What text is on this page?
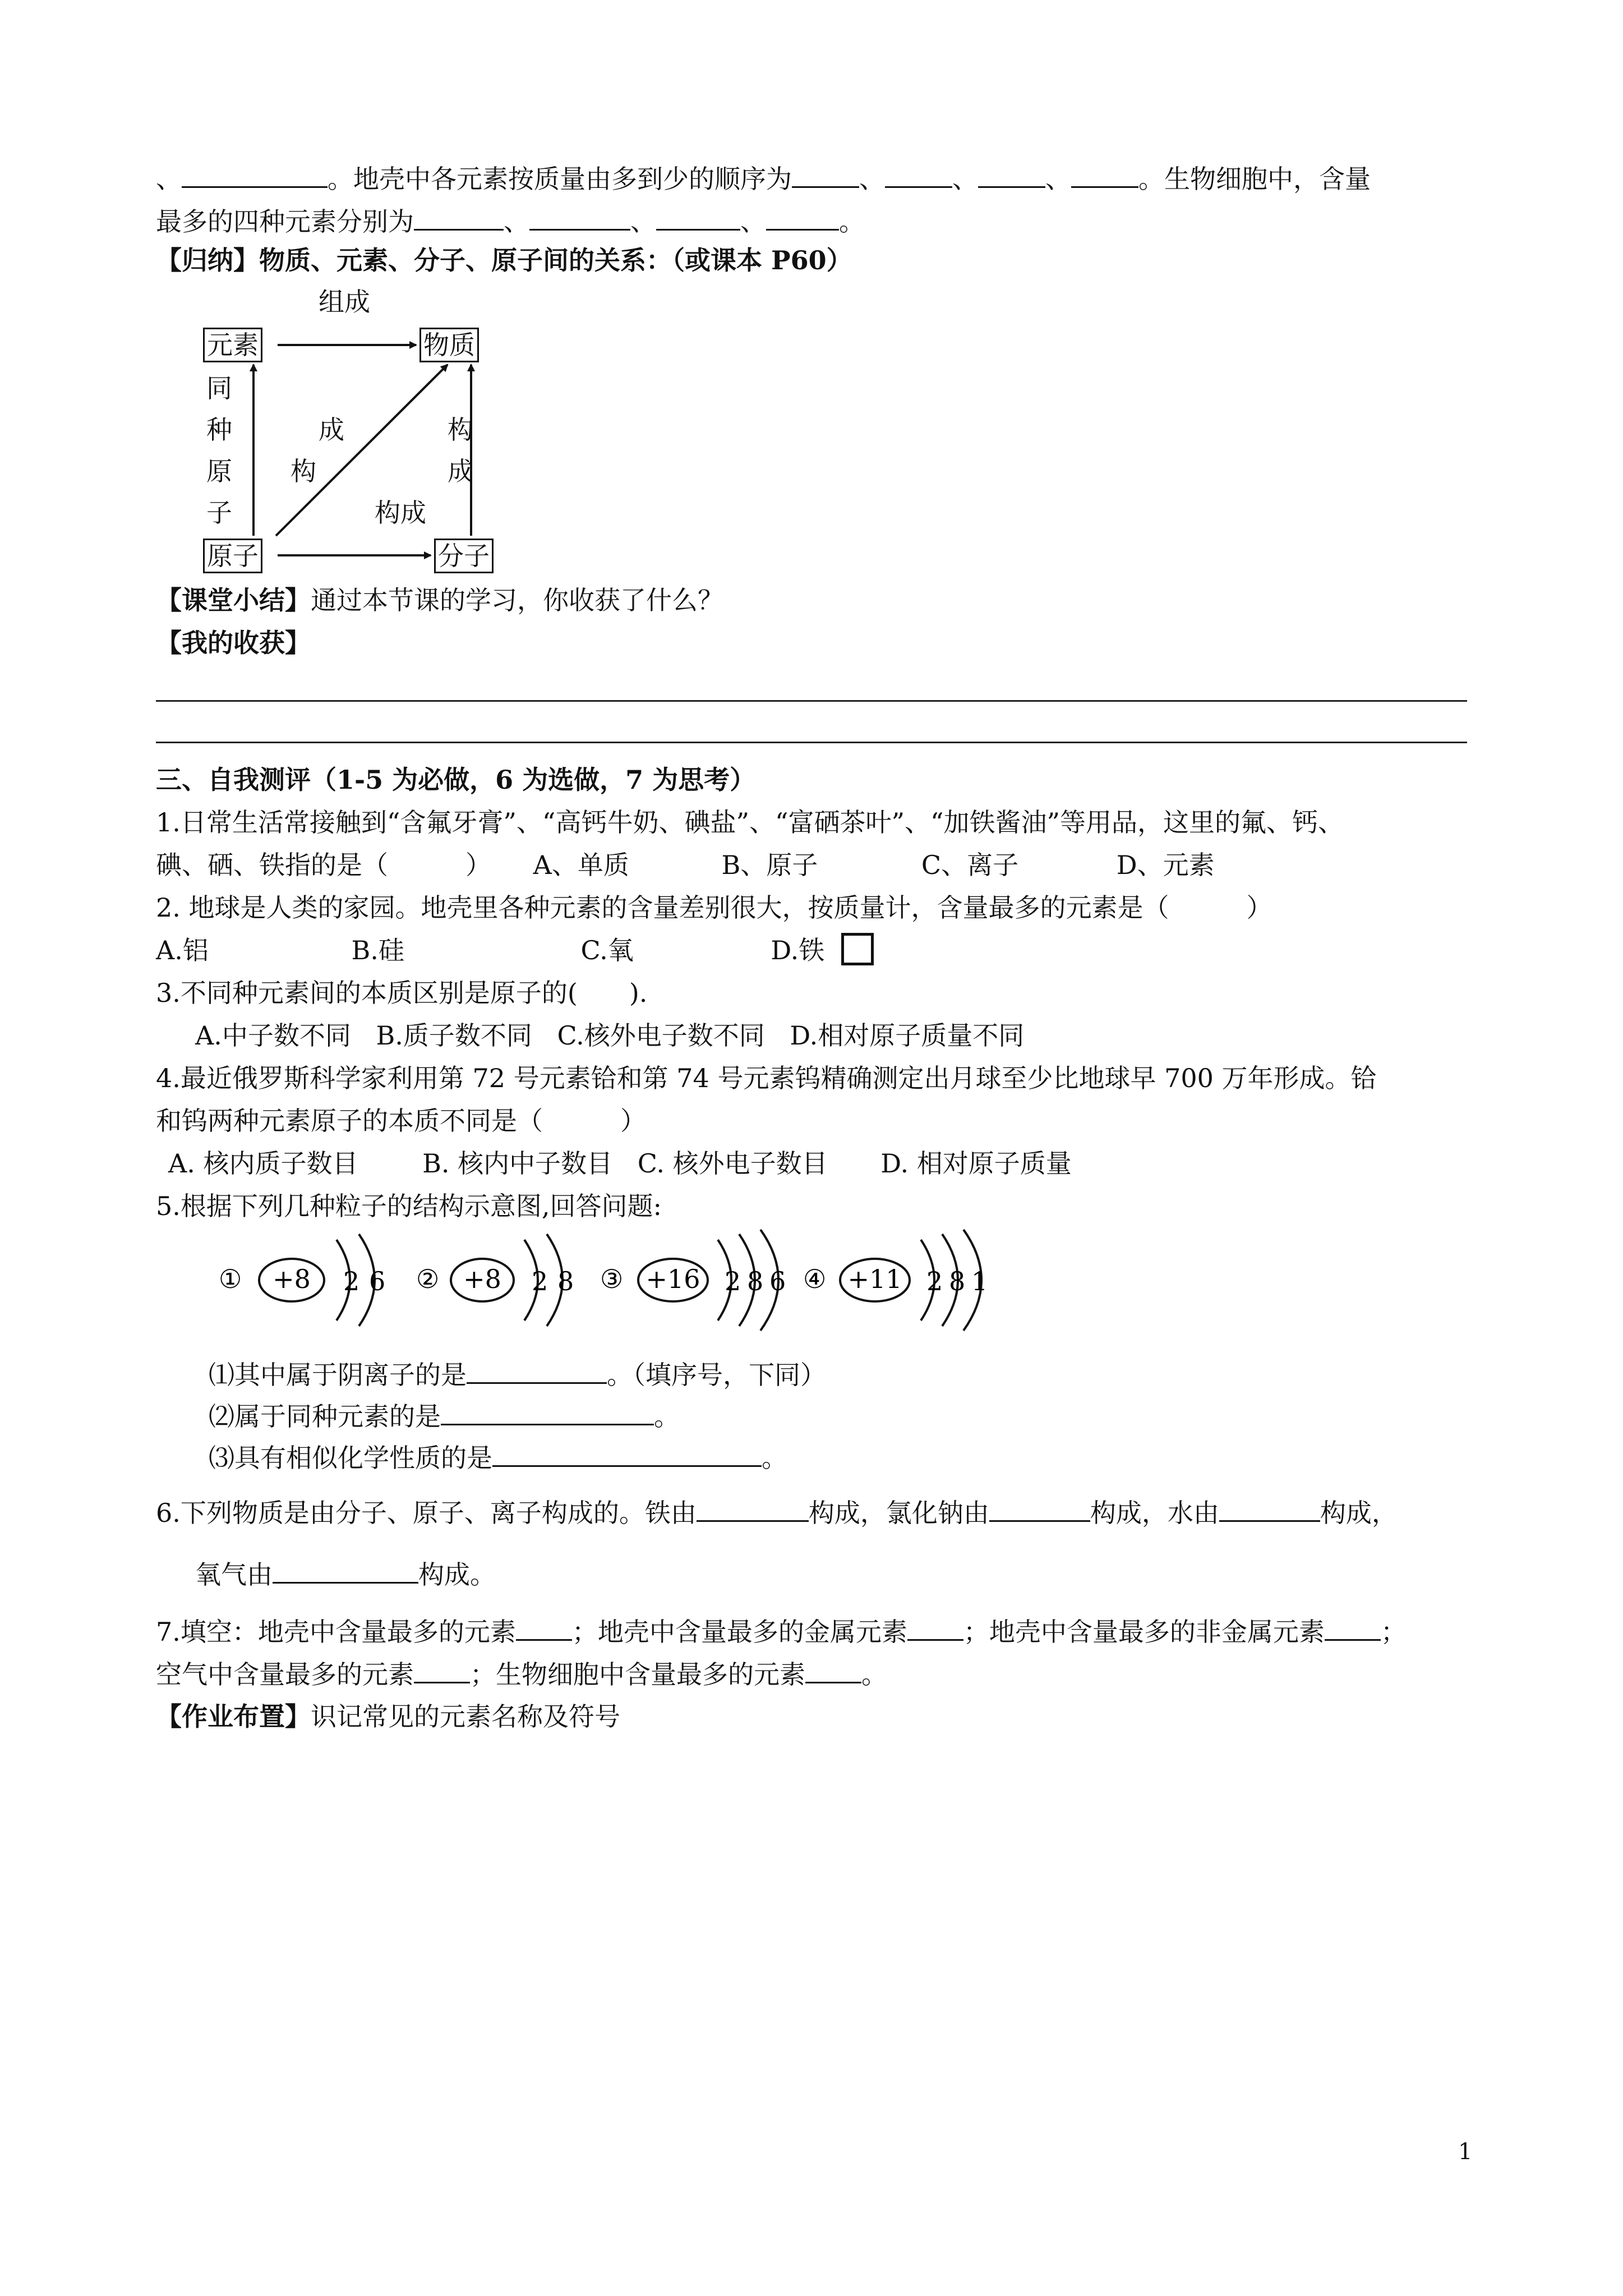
、	。地壳中各元素按质量由多到少的顺序为	、	、	、	。生物细胞中，含量
最多的四种元素分别为	、	、	、	。
【归纳】物质、元素、分子、原子间的关系：（或课本 P60）
元素	物质
原子	分子
组成
同
种
原
子
成
构
构
成
构成
【课堂小结】通过本节课的学习，你收获了什么？
【我的收获】
三、自我测评（1-5 为必做，6 为选做，7 为思考）
1.日常生活常接触到“含氟牙膏”、“高钙牛奶、碘盐”、“富硒茶叶”、“加铁酱油”等用品，这里的氟、钙、
碘、硒、铁指的是（　　　） A、单质	B、原子	C、离子	D、元素
2. 地球是人类的家园。地壳里各种元素的含量差别很大，按质量计，含量最多的元素是（　　　）
A.铝	B.硅	C.氧	D.铁
3.不同种元素间的本质区别是原子的(　　).
A.中子数不同 B.质子数不同 C.核外电子数不同 D.相对原子质量不同
4.最近俄罗斯科学家利用第 72 号元素铪和第 74 号元素钨精确测定出月球至少比地球早 700 万年形成。铪
和钨两种元素原子的本质不同是（　　　）
A. 核内质子数目 B. 核内中子数目 C. 核外电子数目 D. 相对原子质量
5.根据下列几种粒子的结构示意图,回答问题:
① +8 2 6 ② +8 2 8 ③ +16 2 8 6 ④ +11 2 8 1
⑴其中属于阴离子的是	。（填序号，下同）
⑵属于同种元素的是	。
⑶具有相似化学性质的是	。
6.下列物质是由分子、原子、离子构成的。铁由	构成，氯化钠由	构成，水由	构成，
氧气由	构成。
7.填空：地壳中含量最多的元素 ；地壳中含量最多的金属元素 ；地壳中含量最多的非金属元素 ；
空气中含量最多的元素 ；生物细胞中含量最多的元素 。
【作业布置】识记常见的元素名称及符号
1
